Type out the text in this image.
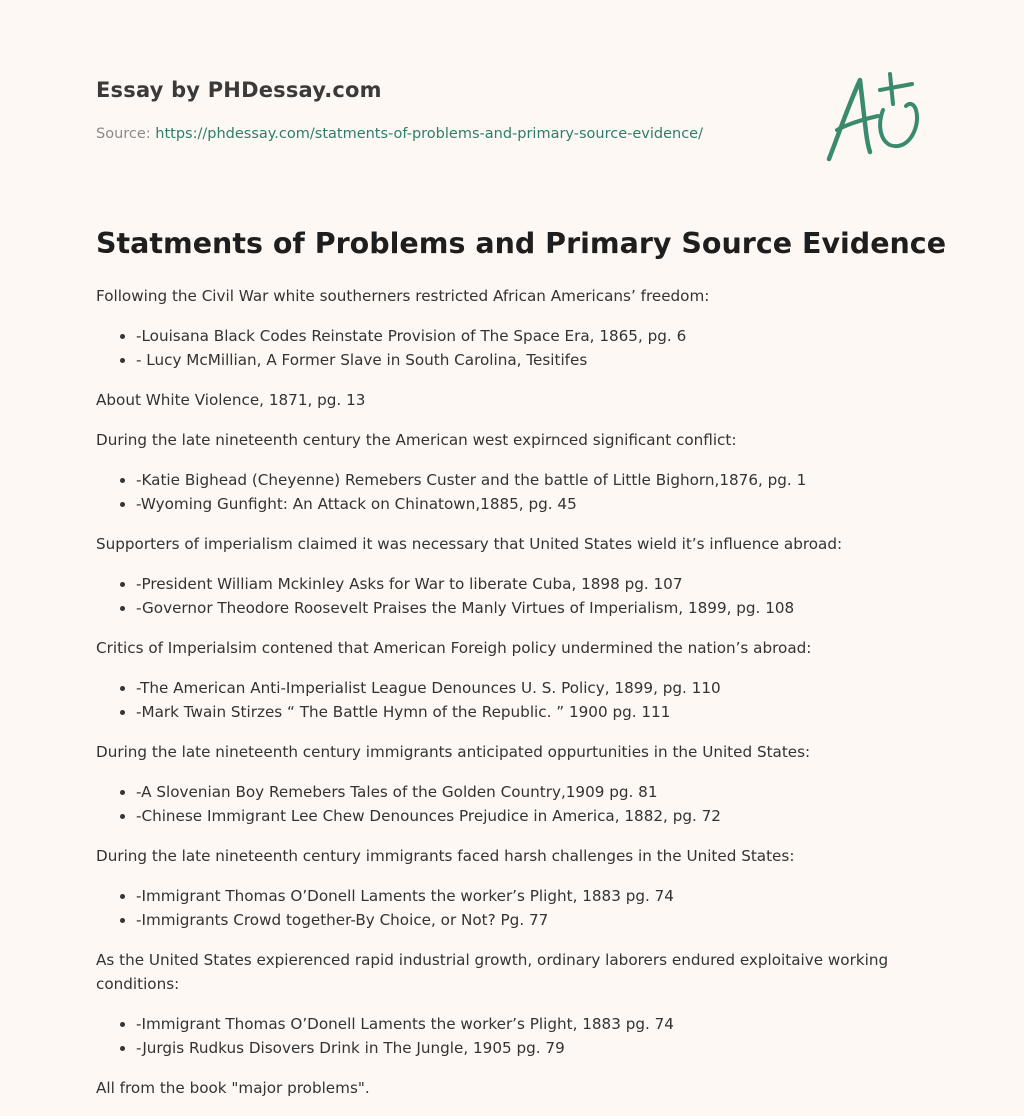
Essay by PHDessay.com
Source: https://phdessay.com/statments-of-problems-and-primary-source-evidence/
Statments of Problems and Primary Source Evidence

Following the Civil War white southerners restricted African Americans’ freedom:

• -Louisana Black Codes Reinstate Provision of The Space Era, 1865, pg. 6
• - Lucy McMillian, A Former Slave in South Carolina, Tesitifes

About White Violence, 1871, pg. 13

During the late nineteenth century the American west expirnced significant conflict:

• -Katie Bighead (Cheyenne) Remebers Custer and the battle of Little Bighorn,1876, pg. 1
• -Wyoming Gunfight: An Attack on Chinatown,1885, pg. 45

Supporters of imperialism claimed it was necessary that United States wield it’s influence abroad:

• -President William Mckinley Asks for War to liberate Cuba, 1898 pg. 107
• -Governor Theodore Roosevelt Praises the Manly Virtues of Imperialism, 1899, pg. 108

Critics of Imperialsim contened that American Foreigh policy undermined the nation’s abroad:

• -The American Anti-Imperialist League Denounces U. S. Policy, 1899, pg. 110
• -Mark Twain Stirzes “ The Battle Hymn of the Republic. ” 1900 pg. 111

During the late nineteenth century immigrants anticipated oppurtunities in the United States:

• -A Slovenian Boy Remebers Tales of the Golden Country,1909 pg. 81
• -Chinese Immigrant Lee Chew Denounces Prejudice in America, 1882, pg. 72

During the late nineteenth century immigrants faced harsh challenges in the United States:

• -Immigrant Thomas O’Donell Laments the worker’s Plight, 1883 pg. 74
• -Immigrants Crowd together-By Choice, or Not? Pg. 77

As the United States expierenced rapid industrial growth, ordinary laborers endured exploitaive working conditions:

• -Immigrant Thomas O’Donell Laments the worker’s Plight, 1883 pg. 74
• -Jurgis Rudkus Disovers Drink in The Jungle, 1905 pg. 79

All from the book "major problems".
